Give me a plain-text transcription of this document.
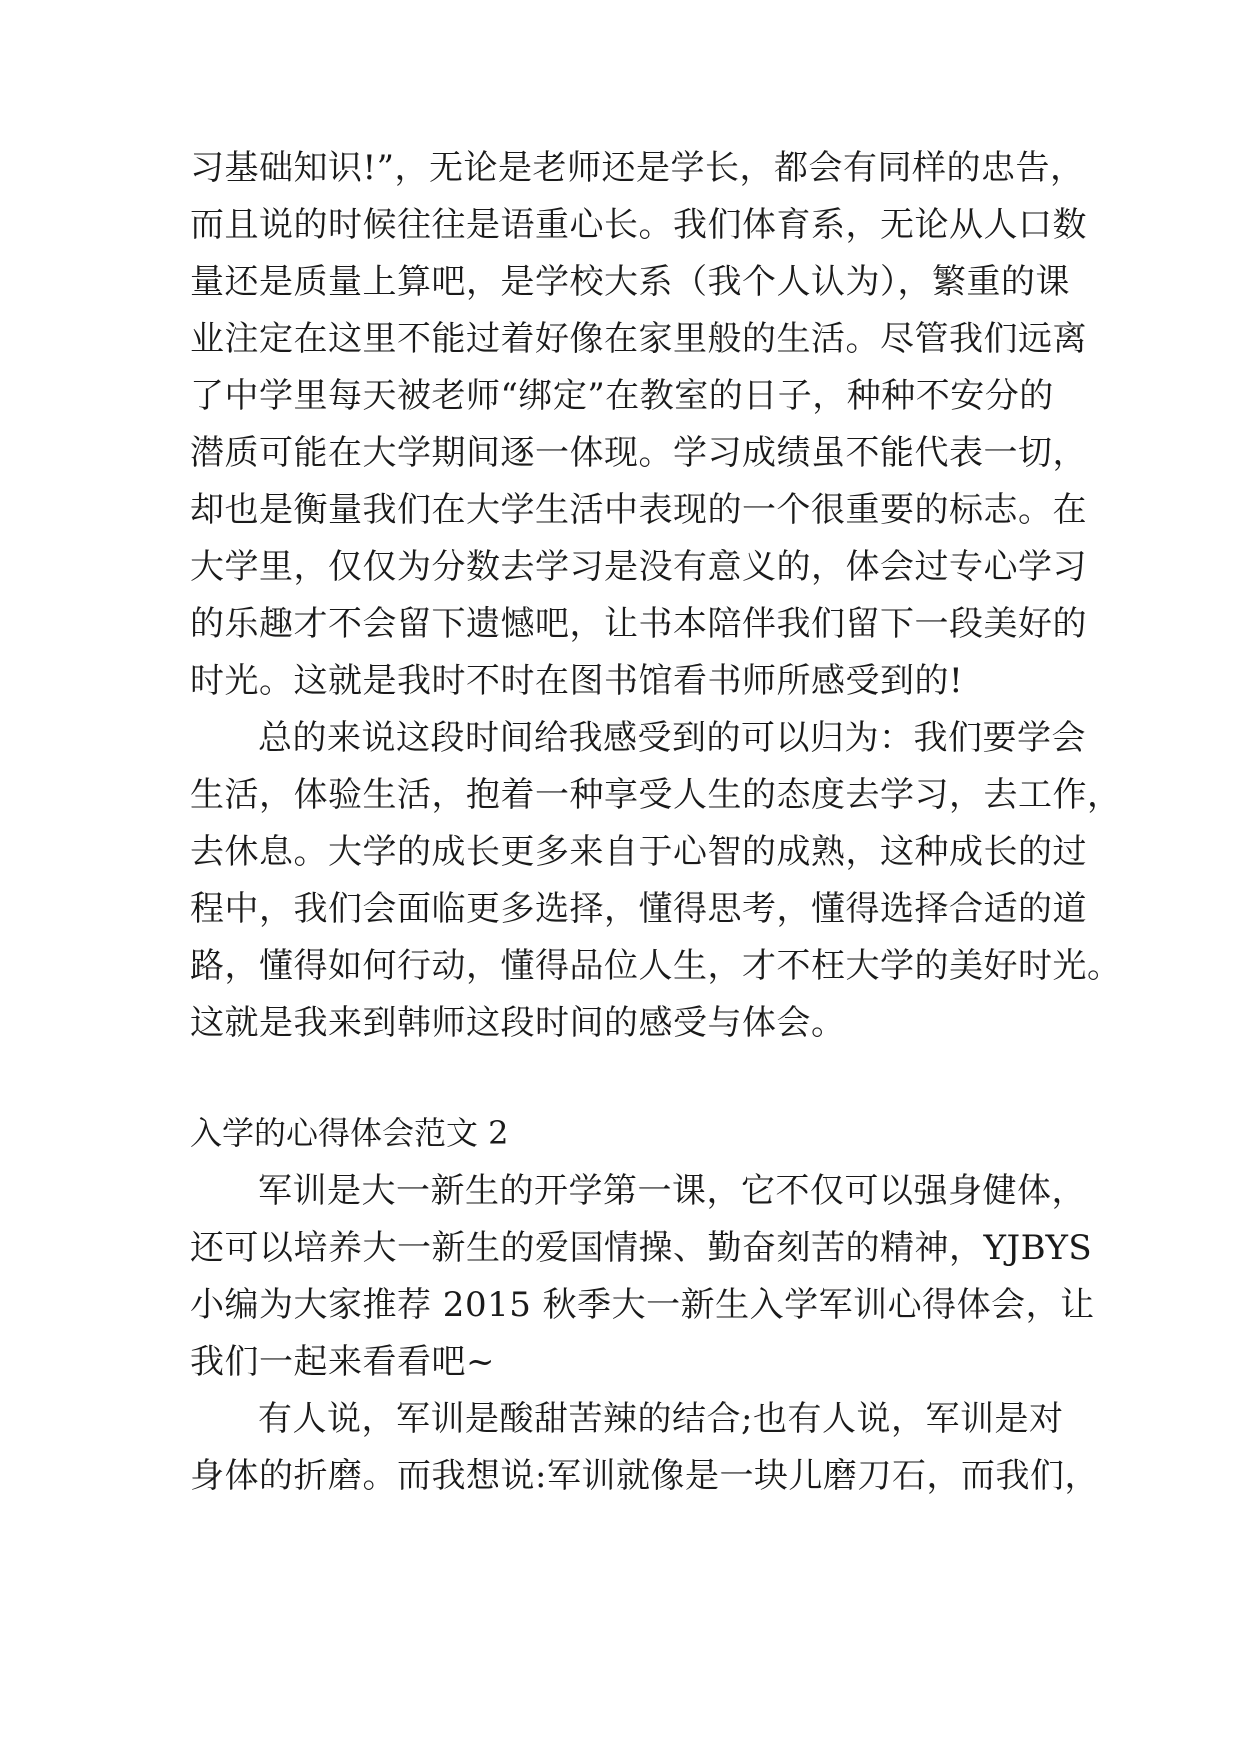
习基础知识!”，无论是老师还是学长，都会有同样的忠告，
而且说的时候往往是语重心长。我们体育系，无论从人口数
量还是质量上算吧，是学校大系（我个人认为），繁重的课
业注定在这里不能过着好像在家里般的生活。尽管我们远离
了中学里每天被老师“绑定”在教室的日子，种种不安分的
潜质可能在大学期间逐一体现。学习成绩虽不能代表一切，
却也是衡量我们在大学生活中表现的一个很重要的标志。在
大学里，仅仅为分数去学习是没有意义的，体会过专心学习
的乐趣才不会留下遗憾吧，让书本陪伴我们留下一段美好的
时光。这就是我时不时在图书馆看书师所感受到的!
总的来说这段时间给我感受到的可以归为：我们要学会
生活，体验生活，抱着一种享受人生的态度去学习，去工作，
去休息。大学的成长更多来自于心智的成熟，这种成长的过
程中，我们会面临更多选择，懂得思考，懂得选择合适的道
路，懂得如何行动，懂得品位人生，才不枉大学的美好时光。
这就是我来到韩师这段时间的感受与体会。
入学的心得体会范文 2
军训是大一新生的开学第一课，它不仅可以强身健体，
还可以培养大一新生的爱国情操、勤奋刻苦的精神，YJBYS
小编为大家推荐 2015 秋季大一新生入学军训心得体会，让
我们一起来看看吧~
有人说，军训是酸甜苦辣的结合;也有人说，军训是对
身体的折磨。而我想说:军训就像是一块儿磨刀石，而我们，
